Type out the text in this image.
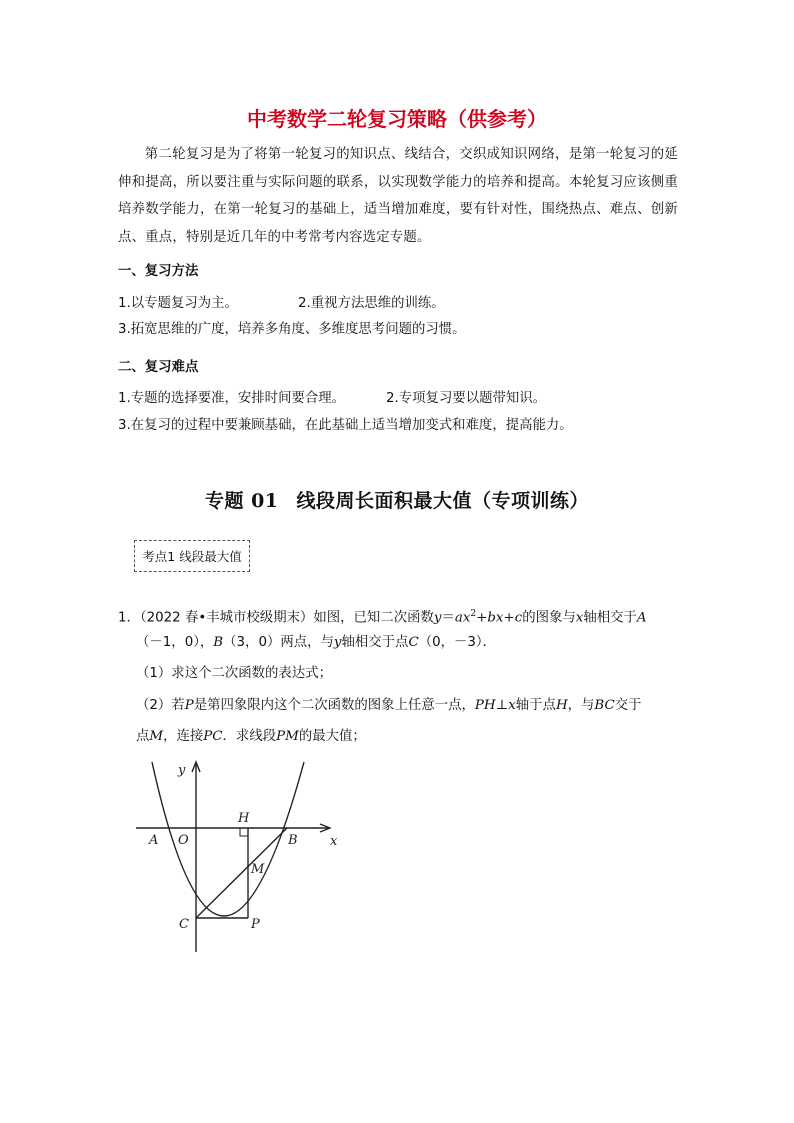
中考数学二轮复习策略（供参考）
第二轮复习是为了将第一轮复习的知识点、线结合，交织成知识网络，是第一轮复习的延伸和提高，所以要注重与实际问题的联系，以实现数学能力的培养和提高。本轮复习应该侧重培养数学能力，在第一轮复习的基础上，适当增加难度，要有针对性，围绕热点、难点、创新点、重点，特别是近几年的中考常考内容选定专题。
一、复习方法
1.以专题复习为主。	2.重视方法思维的训练。
3.拓宽思维的广度，培养多角度、多维度思考问题的习惯。
二、复习难点
1.专题的选择要准，安排时间要合理。	2.专项复习要以题带知识。
3.在复习的过程中要兼顾基础，在此基础上适当增加变式和难度，提高能力。
专题 01 线段周长面积最大值（专项训练）
考点1 线段最大值
1．（2022 春•丰城市校级期末）如图，已知二次函数$y=ax^2+bx+c$的图象与x轴相交于A
（－1，0），B（3，0）两点，与y轴相交于点C（0，－3）．
（1）求这个二次函数的表达式；
（2）若P是第四象限内这个二次函数的图象上任意一点，PH⊥x轴于点H，与BC交于
点M，连接PC．求线段PM的最大值；
y
x
O
A	B
H
M
C	P
